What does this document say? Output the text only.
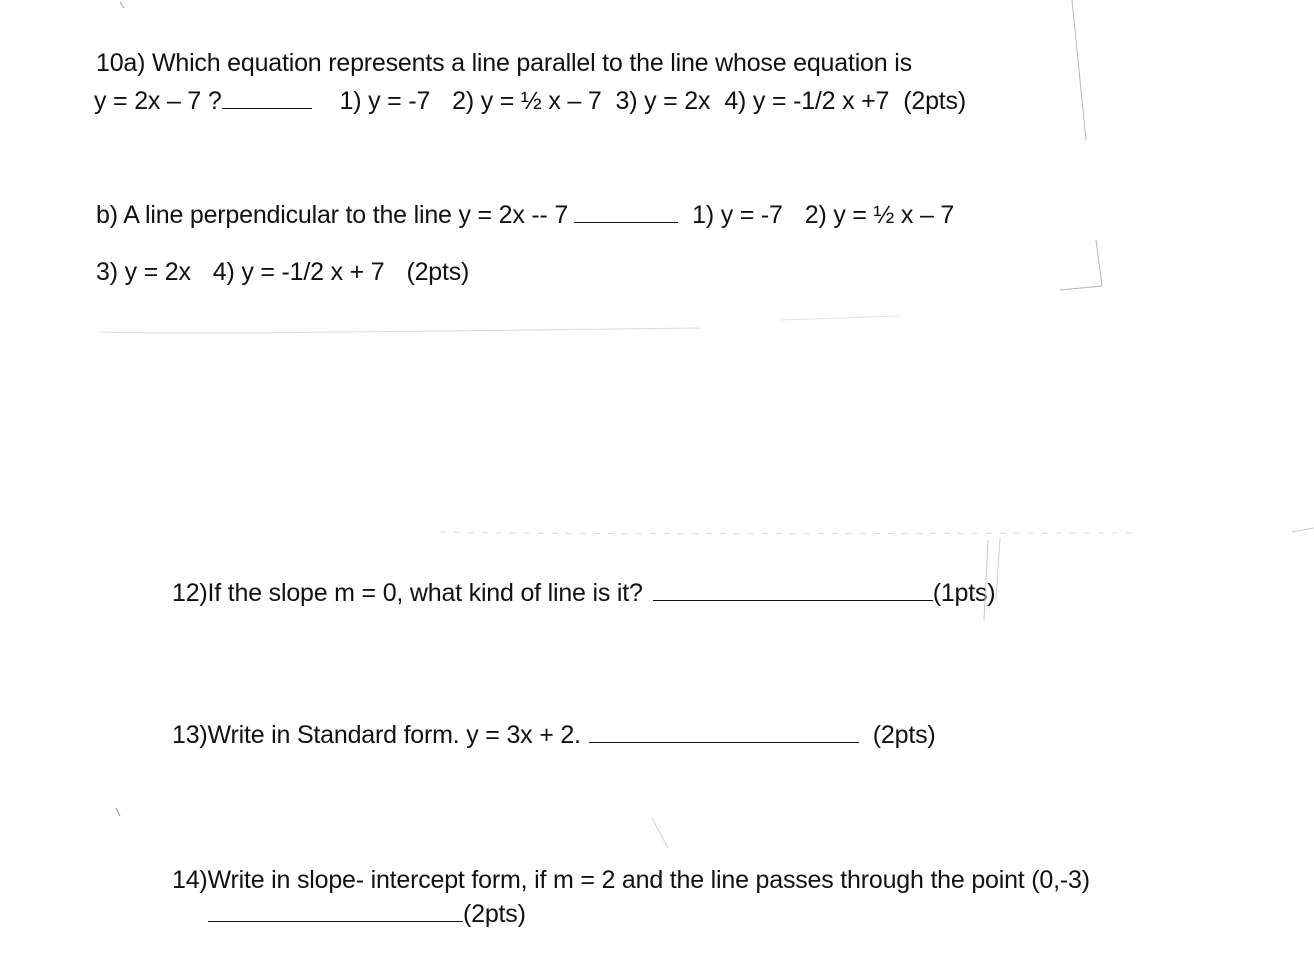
10a) Which equation represents a line parallel to the line whose equation is
y = 2x – 7 ?	1) y = -7 2) y = ½ x – 7 3) y = 2x 4) y = -1/2 x +7 (2pts)
b) A line perpendicular to the line y = 2x -- 7	1) y = -7 2) y = ½ x – 7
3) y = 2x 4) y = -1/2 x + 7 (2pts)
12)If the slope m = 0, what kind of line is it?	(1pts)
13)Write in Standard form. y = 3x + 2.	(2pts)
14)Write in slope- intercept form, if m = 2 and the line passes through the point (0,-3)
(2pts)
